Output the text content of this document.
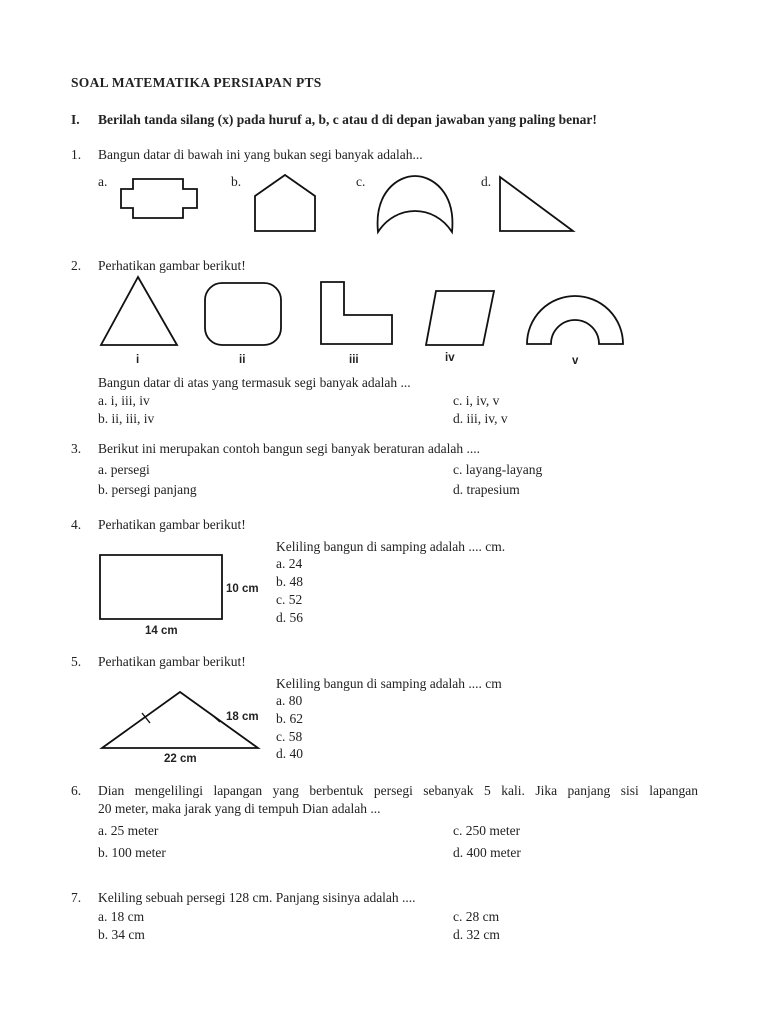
SOAL MATEMATIKA PERSIAPAN PTS
I. Berilah tanda silang (x) pada huruf a, b, c atau d di depan jawaban yang paling benar!
1. Bangun datar di bawah ini yang bukan segi banyak adalah...
a.	b.	c.	d.
2. Perhatikan gambar berikut!
i	ii	iii	iv	v
Bangun datar di atas yang termasuk segi banyak adalah ...
a. i, iii, iv
b. ii, iii, iv
c. i, iv, v
d. iii, iv, v
3. Berikut ini merupakan contoh bangun segi banyak beraturan adalah ....
a. persegi
b. persegi panjang
c. layang-layang
d. trapesium
4. Perhatikan gambar berikut!
10 cm
14 cm
Keliling bangun di samping adalah .... cm.
a. 24
b. 48
c. 52
d. 56
5. Perhatikan gambar berikut!
18 cm
22 cm
Keliling bangun di samping adalah .... cm
a. 80
b. 62
c. 58
d. 40
6. Dian mengelilingi lapangan yang berbentuk persegi sebanyak 5 kali. Jika panjang sisi lapangan
20 meter, maka jarak yang di tempuh Dian adalah ...
a. 25 meter
b. 100 meter
c. 250 meter
d. 400 meter
7. Keliling sebuah persegi 128 cm. Panjang sisinya adalah ....
a. 18 cm
b. 34 cm
c. 28 cm
d. 32 cm
